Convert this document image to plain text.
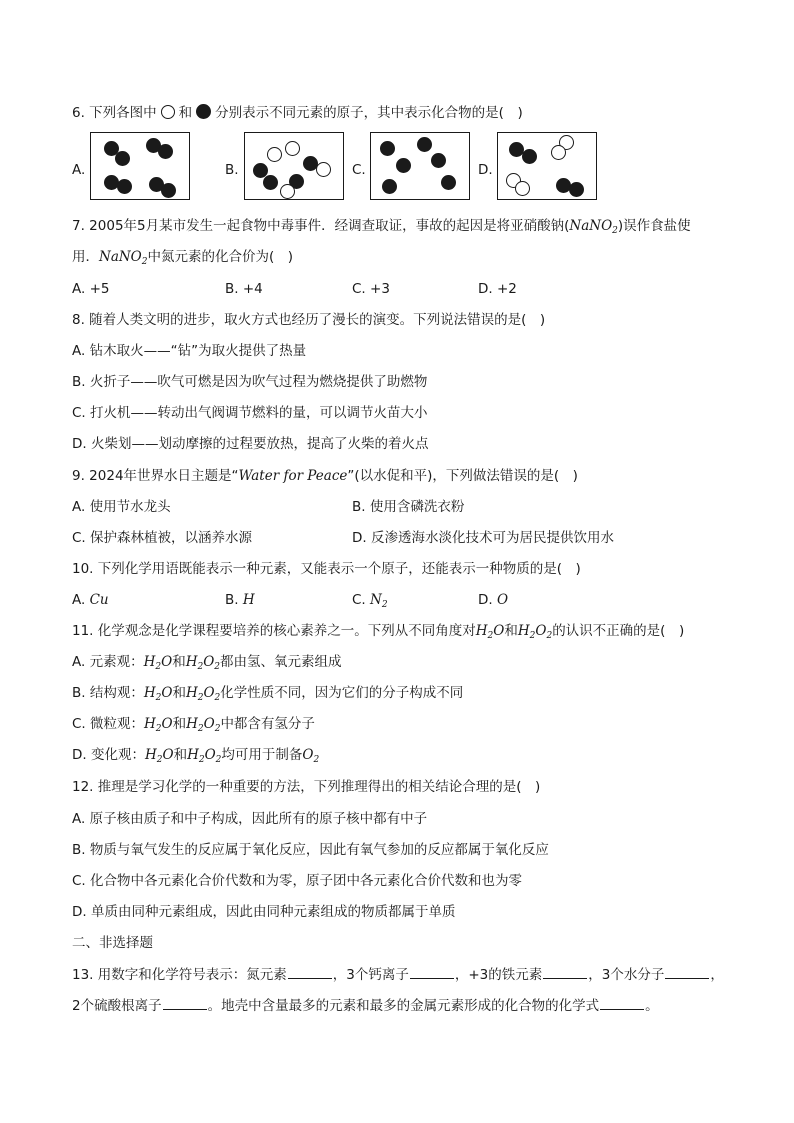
6. 下列各图中 和 分别表示不同元素的原子，其中表示化合物的是(　)
A.	B.	C.	D.
7. 2005年5月某市发生一起食物中毒事件．经调查取证，事故的起因是将亚硝酸钠(NaNO$_2$)误作食盐使
用．NaNO$_2$中氮元素的化合价为(　)
A. +5	B. +4	C. +3	D. +2
8. 随着人类文明的进步，取火方式也经历了漫长的演变。下列说法错误的是(　)
A. 钻木取火——“钻”为取火提供了热量
B. 火折子——吹气可燃是因为吹气过程为燃烧提供了助燃物
C. 打火机——转动出气阀调节燃料的量，可以调节火苗大小
D. 火柴划——划动摩擦的过程要放热，提高了火柴的着火点
9. 2024年世界水日主题是“Water for Peace”(以水促和平)，下列做法错误的是(　)
A. 使用节水龙头	B. 使用含磷洗衣粉
C. 保护森林植被，以涵养水源	D. 反渗透海水淡化技术可为居民提供饮用水
10. 下列化学用语既能表示一种元素，又能表示一个原子，还能表示一种物质的是(　)
A. Cu	B. H	C. $N_2$	D. O
11. 化学观念是化学课程要培养的核心素养之一。下列从不同角度对$H_2O$和$H_2O_2$的认识不正确的是(　)
A. 元素观：$H_2O$和$H_2O_2$都由氢、氧元素组成
B. 结构观：$H_2O$和$H_2O_2$化学性质不同，因为它们的分子构成不同
C. 微粒观：$H_2O$和$H_2O_2$中都含有氢分子
D. 变化观：$H_2O$和$H_2O_2$均可用于制备$O_2$
12. 推理是学习化学的一种重要的方法，下列推理得出的相关结论合理的是(　)
A. 原子核由质子和中子构成，因此所有的原子核中都有中子
B. 物质与氧气发生的反应属于氧化反应，因此有氧气参加的反应都属于氧化反应
C. 化合物中各元素化合价代数和为零，原子团中各元素化合价代数和也为零
D. 单质由同种元素组成，因此由同种元素组成的物质都属于单质
二、非选择题
13. 用数字和化学符号表示：氮元素	，3个钙离子	，+3的铁元素	，3个水分子	，
2个硫酸根离子	。地壳中含量最多的元素和最多的金属元素形成的化合物的化学式	。
